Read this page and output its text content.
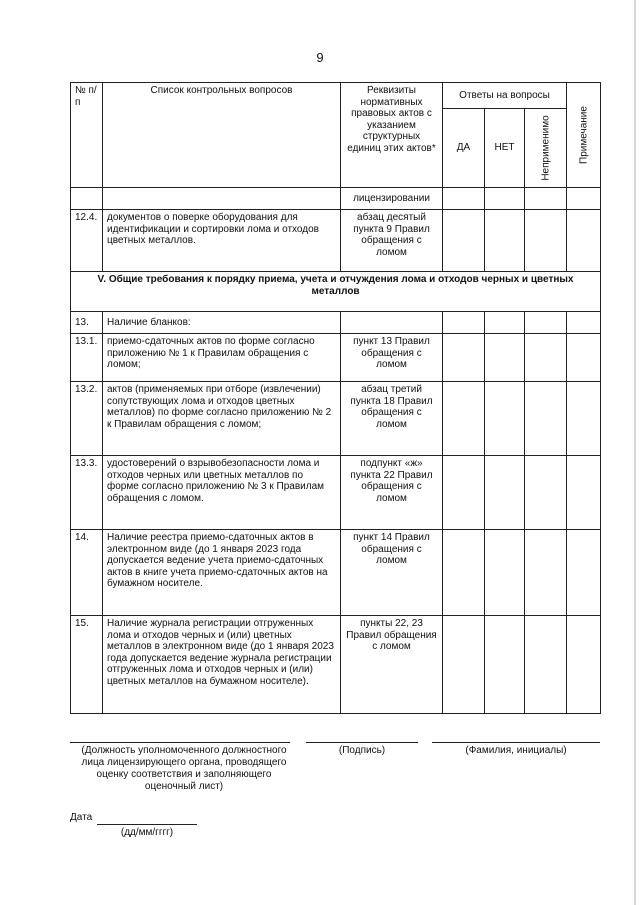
9
№ п/п	Список контрольных вопросов	Реквизиты нормативных правовых актов с указанием структурных единиц этих актов*	Ответы на вопросы			Примечание

			ДА	НЕТ	Неприменимо	

		лицензировании				
12.4.	документов о поверке оборудования для идентификации и сортировки лома и отходов цветных металлов.	абзац десятый пункта 9 Правил обращения с ломом				
V. Общие требования к порядку приема, учета и отчуждения лома и отходов черных и цветных металлов						
13.	Наличие бланков:					
13.1.	приемо-сдаточных актов по форме согласно приложению № 1 к Правилам обращения с ломом;	пункт 13 Правил обращения с ломом				
13.2.	актов (применяемых при отборе (извлечении) сопутствующих лома и отходов цветных металлов) по форме согласно приложению № 2 к Правилам обращения с ломом;	абзац третий пункта 18 Правил обращения с ломом				
13.3.	удостоверений о взрывобезопасности лома и отходов черных или цветных металлов по форме согласно приложению № 3 к Правилам обращения с ломом.	подпункт «ж» пункта 22 Правил обращения с ломом				
14.	Наличие реестра приемо-сдаточных актов в электронном виде (до 1 января 2023 года допускается ведение учета приемо-сдаточных актов в книге учета приемо-сдаточных актов на бумажном носителе.	пункт 14 Правил обращения с ломом				
15.	Наличие журнала регистрации отгруженных лома и отходов черных и (или) цветных металлов в электронном виде (до 1 января 2023 года допускается ведение журнала регистрации отгруженных лома и отходов черных и (или) цветных металлов на бумажном носителе).	пункты 22, 23 Правил обращения с ломом				
(Должность уполномоченного должностного лица лицензирующего органа, проводящего оценку соответствия и заполняющего оценочный лист)
(Подпись)	(Фамилия, инициалы)
Дата
(дд/мм/гггг)
